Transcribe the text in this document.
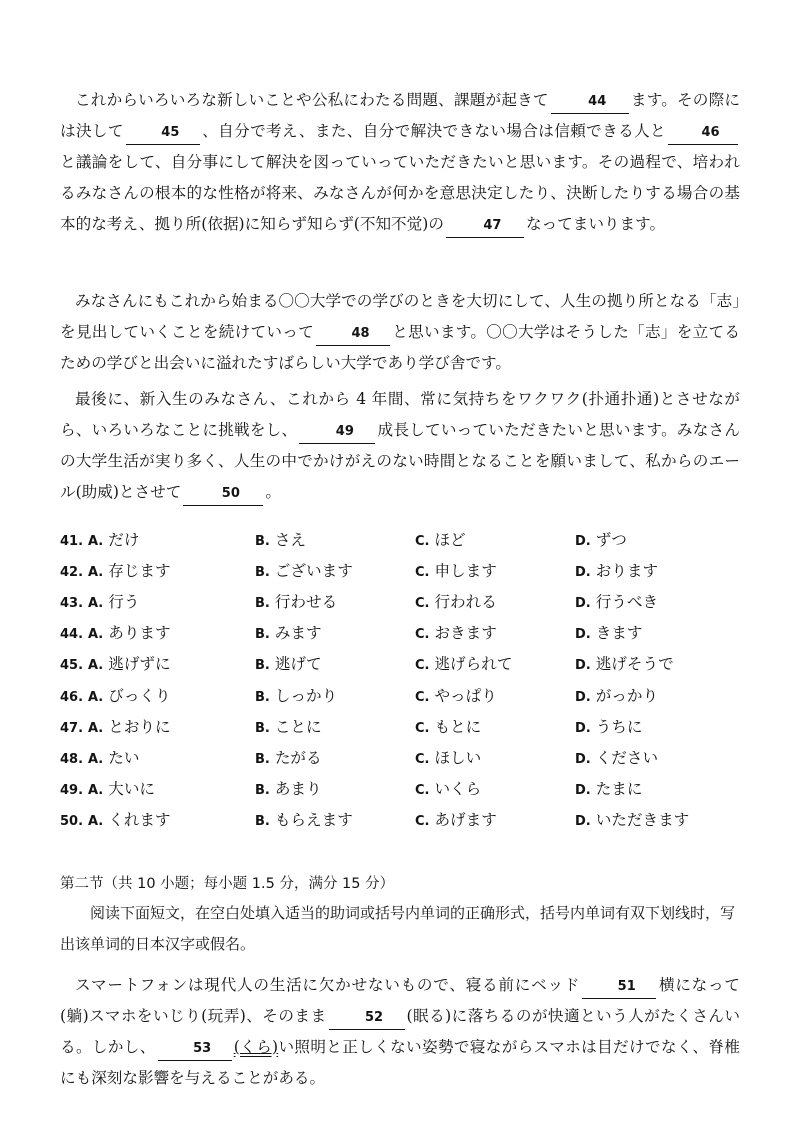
これからいろいろな新しいことや公私にわたる問題、課題が起きて	44 ます。その際には決して	45 、自分で考え、また、自分で解決できない場合は信頼できる人と	46と議論をして、自分事にして解決を図っていっていただきたいと思います。その過程で、培われるみなさんの根本的な性格が将来、みなさんが何かを意思決定したり、決断したりする場合の基本的な考え、拠り所(依据)に知らず知らず(不知不觉)の	47 なってまいります。

みなさんにもこれから始まる〇〇大学での学びのときを大切にして、人生の拠り所となる「志」を見出していくことを続けていって	48 と思います。〇〇大学はそうした「志」を立てるための学びと出会いに溢れたすばらしい大学であり学び舎です。

最後に、新入生のみなさん、これから 4 年間、常に気持ちをワクワク(扑通扑通)とさせながら、いろいろなことに挑戦をし、	49 成長していっていただきたいと思います。みなさんの大学生活が実り多く、人生の中でかけがえのない時間となることを願いまして、私からのエール(助威)とさせて	50 。

41. A. だけ	B. さえ	C. ほど	D. ずつ
42. A. 存じます	B. ございます	C. 申します	D. おります
43. A. 行う	B. 行わせる	C. 行われる	D. 行うべき
44. A. あります	B. みます	C. おきます	D. きます
45. A. 逃げずに	B. 逃げて	C. 逃げられて	D. 逃げそうで
46. A. びっくり	B. しっかり	C. やっぱり	D. がっかり
47. A. とおりに	B. ことに	C. もとに	D. うちに
48. A. たい	B. たがる	C. ほしい	D. ください
49. A. 大いに	B. あまり	C. いくら	D. たまに
50. A. くれます	B. もらえます	C. あげます	D. いただきます
第二节（共 10 小题；每小题 1.5 分，满分 15 分）

阅读下面短文，在空白处填入适当的助词或括号内单词的正确形式，括号内单词有双下划线时，写出该单词的日本汉字或假名。

スマートフォンは現代人の生活に欠かせないもので、寝る前にベッド	51 横になって(躺)スマホをいじり(玩弄)、そのまま	52 (眠る)に落ちるのが快適という人がたくさんいる。しかし、	53 (くら)い照明と正しくない姿勢で寝ながらスマホは目だけでなく、脊椎にも深刻な影響を与えることがある。
